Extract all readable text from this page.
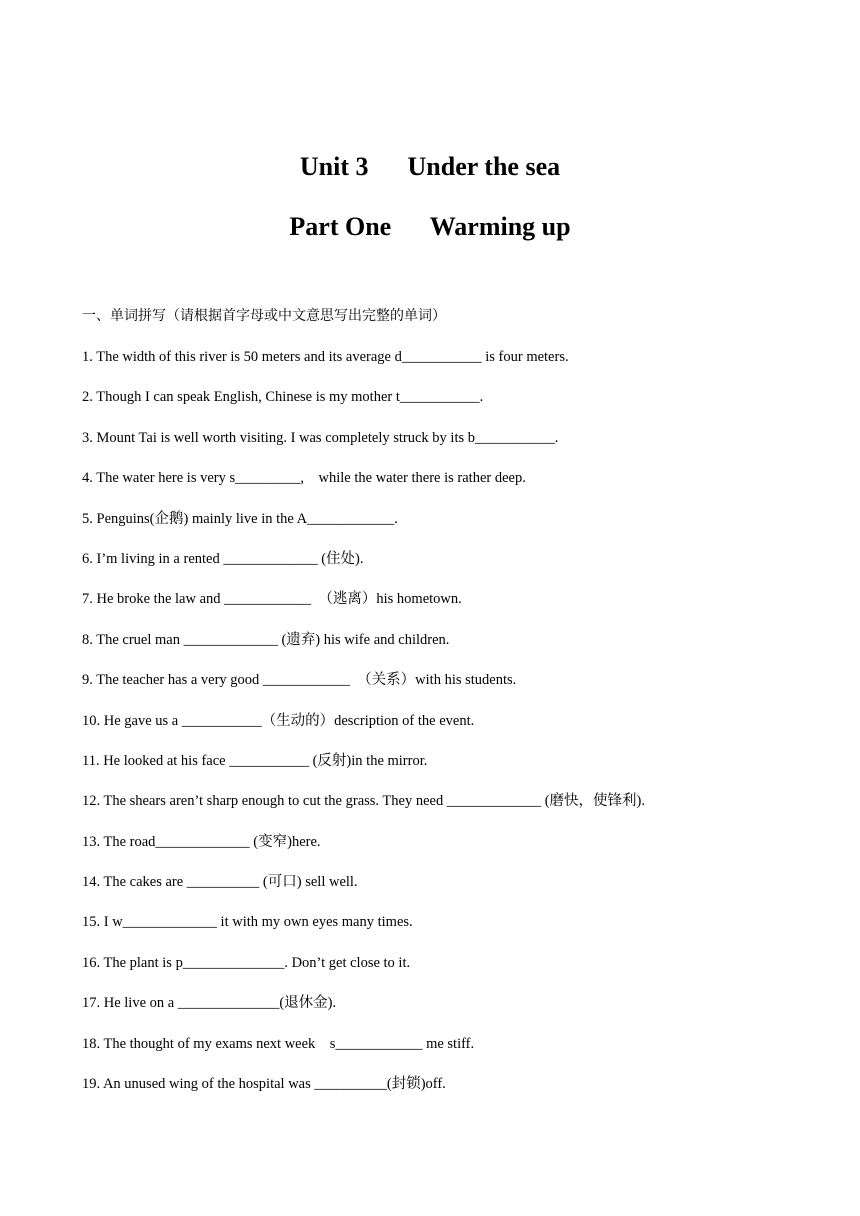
Unit 3      Under the sea
Part One      Warming up
一、单词拼写（请根据首字母或中文意思写出完整的单词）
1. The width of this river is 50 meters and its average d___________ is four meters.
2. Though I can speak English, Chinese is my mother t___________.
3. Mount Tai is well worth visiting. I was completely struck by its b___________.
4. The water here is very s_________,    while the water there is rather deep.
5. Penguins(企鹅) mainly live in the A____________.
6. I’m living in a rented _____________ (住处).
7. He broke the law and ____________  （逃离）his hometown.
8. The cruel man _____________ (遗弃) his wife and children.
9. The teacher has a very good ____________  （关系）with his students.
10. He gave us a ___________（生动的）description of the event.
11. He looked at his face ___________ (反射)in the mirror.
12. The shears aren’t sharp enough to cut the grass. They need _____________ (磨快，使锋利).
13. The road_____________ (变窄)here.
14. The cakes are __________ (可口) sell well.
15. I w_____________ it with my own eyes many times.
16. The plant is p______________. Don’t get close to it.
17. He live on a ______________(退休金).
18. The thought of my exams next week    s____________ me stiff.
19. An unused wing of the hospital was __________(封锁)off.
